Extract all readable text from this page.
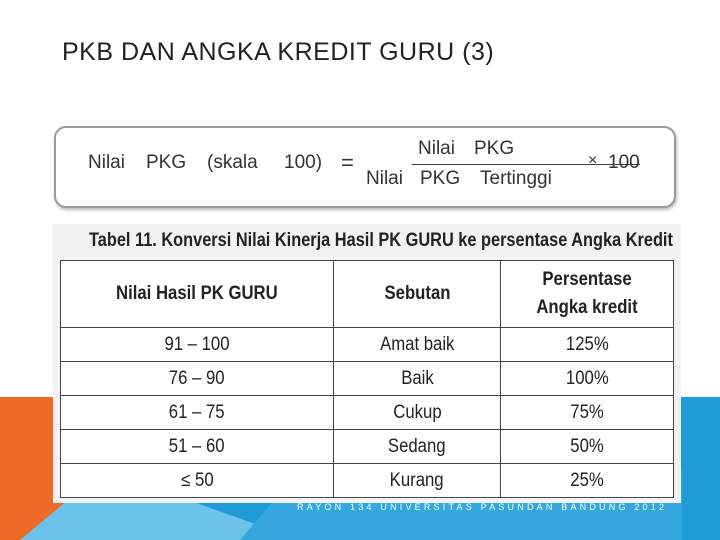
PKB DAN ANGKA KREDIT GURU (3)
Nilai PKG (skala 100) =
Nilai PKG
Nilai PKG Tertinggi
× 100
Tabel 11. Konversi Nilai Kinerja Hasil PK GURU ke persentase Angka Kredit
Nilai Hasil PK GURU	Sebutan	Persentase Angka kredit
91 – 100	Amat baik	125%
76 – 90	Baik	100%
61 – 75	Cukup	75%
51 – 60	Sedang	50%
≤ 50	Kurang	25%
RAYON 134 UNIVERSITAS PASUNDAN BANDUNG 2012
